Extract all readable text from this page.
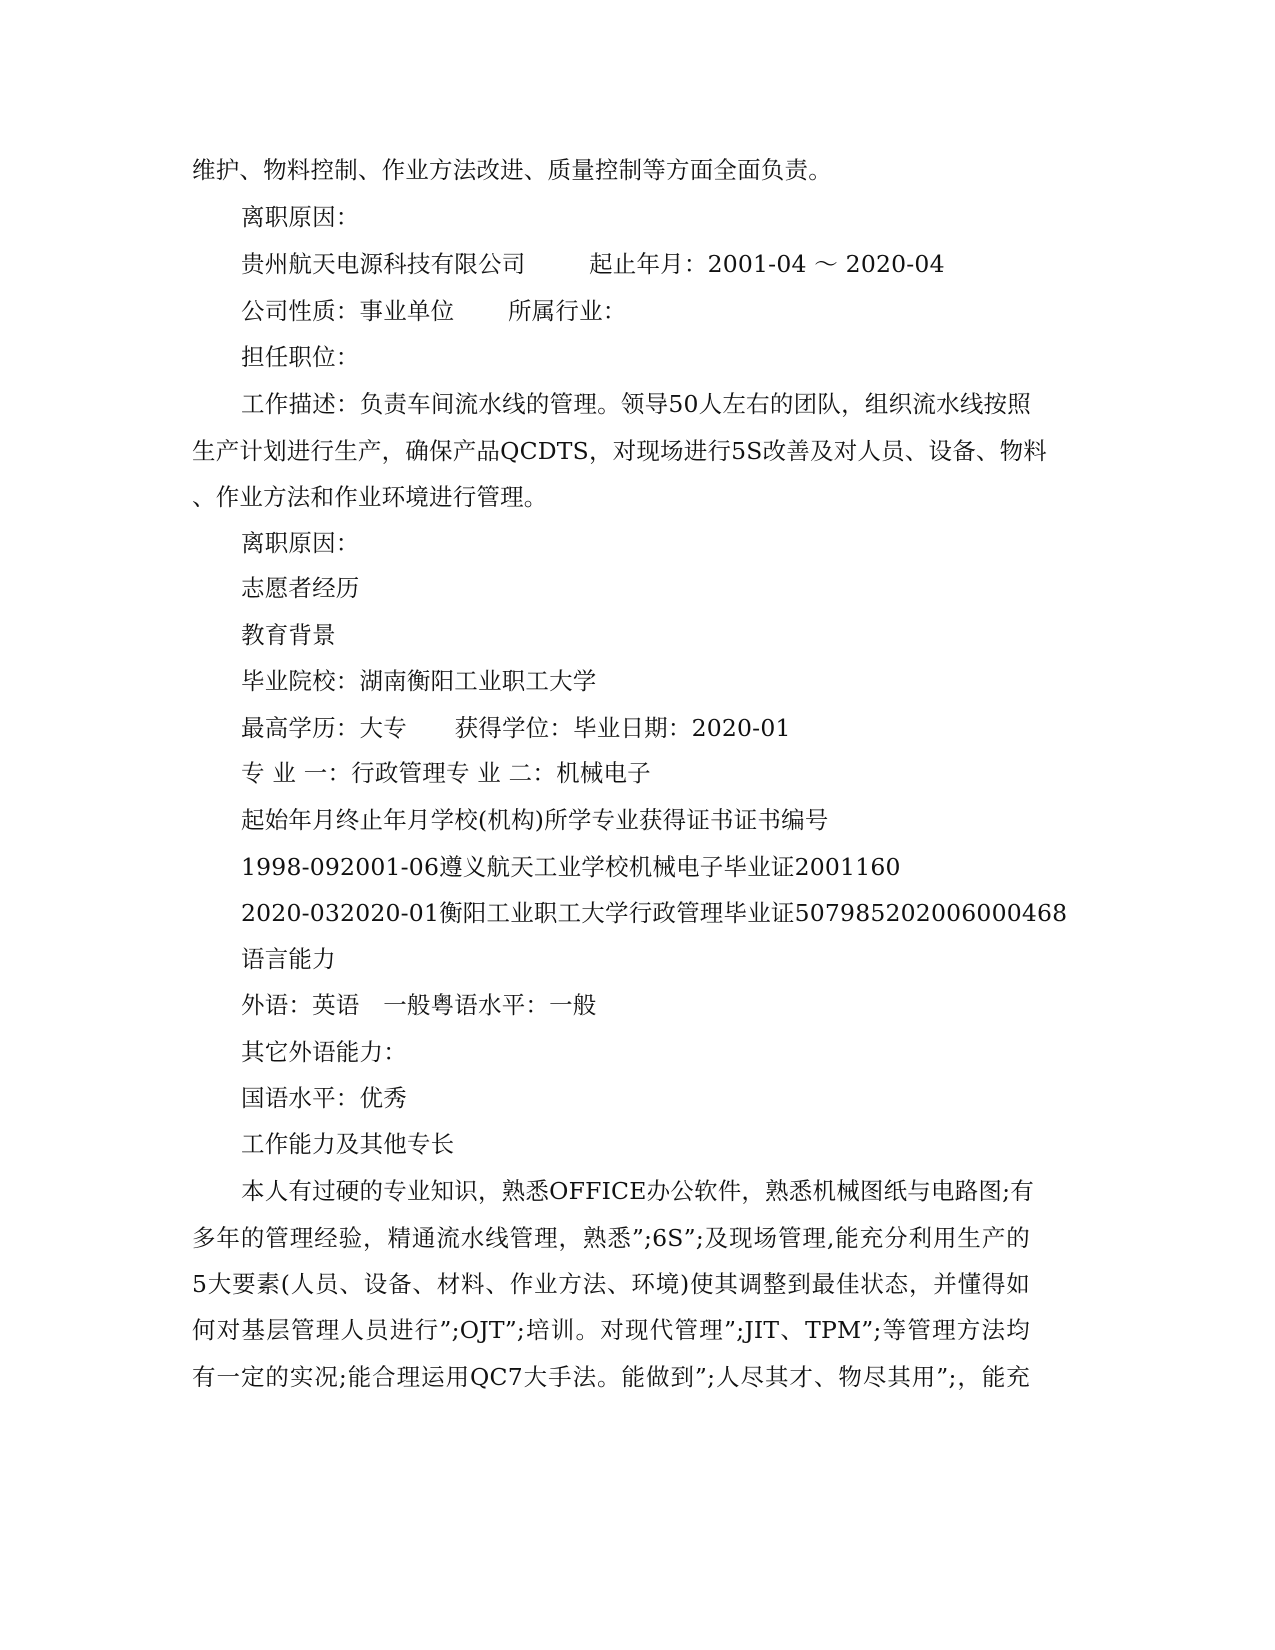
维护、物料控制、作业方法改进、质量控制等方面全面负责。
离职原因：
贵州航天电源科技有限公司	起止年月：2001-04 ～ 2020-04
公司性质：事业单位 所属行业：
担任职位：
工作描述：负责车间流水线的管理。领导50人左右的团队，组织流水线按照
生产计划进行生产，确保产品QCDTS，对现场进行5S改善及对人员、设备、物料
、作业方法和作业环境进行管理。
离职原因：
志愿者经历
教育背景
毕业院校：湖南衡阳工业职工大学
最高学历：大专 获得学位：毕业日期：2020-01
专 业 一：行政管理专 业 二：机械电子
起始年月终止年月学校(机构)所学专业获得证书证书编号
1998-092001-06遵义航天工业学校机械电子毕业证2001160
2020-032020-01衡阳工业职工大学行政管理毕业证507985202006000468
语言能力
外语：英语　一般粤语水平：一般
其它外语能力：
国语水平：优秀
工作能力及其他专长
本人有过硬的专业知识，熟悉OFFICE办公软件，熟悉机械图纸与电路图;有
多年的管理经验，精通流水线管理，熟悉”;6S”;及现场管理,能充分利用生产的
5大要素(人员、设备、材料、作业方法、环境)使其调整到最佳状态，并懂得如
何对基层管理人员进行”;OJT”;培训。对现代管理”;JIT、TPM”;等管理方法均
有一定的实况;能合理运用QC7大手法。能做到”;人尽其才、物尽其用”;，能充
